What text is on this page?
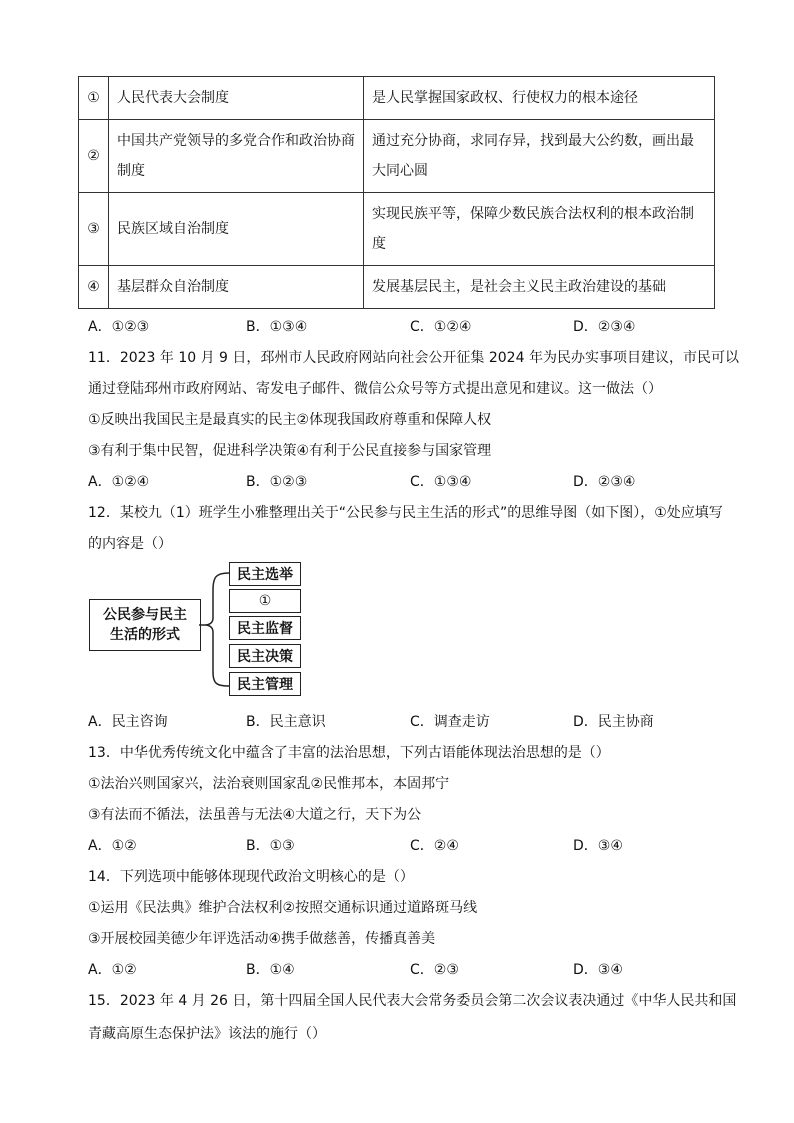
①	人民代表大会制度	是人民掌握国家政权、行使权力的根本途径
②	中国共产党领导的多党合作和政治协商制度	通过充分协商，求同存异，找到最大公约数，画出最大同心圆
③	民族区域自治制度	实现民族平等，保障少数民族合法权利的根本政治制度
④	基层群众自治制度	发展基层民主，是社会主义民主政治建设的基础
A．①②③	B．①③④	C．①②④	D．②③④
11．2023 年 10 月 9 日，邳州市人民政府网站向社会公开征集 2024 年为民办实事项目建议，市民可以
通过登陆邳州市政府网站、寄发电子邮件、微信公众号等方式提出意见和建议。这一做法（）
①反映出我国民主是最真实的民主②体现我国政府尊重和保障人权
③有利于集中民智，促进科学决策④有利于公民直接参与国家管理
A．①②④	B．①②③	C．①③④	D．②③④
12．某校九（1）班学生小雅整理出关于“公民参与民主生活的形式”的思维导图（如下图），①处应填写
的内容是（）
公民参与民主生活的形式
民主选举
①
民主监督
民主决策
民主管理
A．民主咨询	B．民主意识	C．调查走访	D．民主协商
13．中华优秀传统文化中蕴含了丰富的法治思想，下列古语能体现法治思想的是（）
①法治兴则国家兴，法治衰则国家乱②民惟邦本，本固邦宁
③有法而不循法，法虽善与无法④大道之行，天下为公
A．①②	B．①③	C．②④	D．③④
14．下列选项中能够体现现代政治文明核心的是（）
①运用《民法典》维护合法权利②按照交通标识通过道路斑马线
③开展校园美德少年评选活动④携手做慈善，传播真善美
A．①②	B．①④	C．②③	D．③④
15．2023 年 4 月 26 日，第十四届全国人民代表大会常务委员会第二次会议表决通过《中华人民共和国
青藏高原生态保护法》该法的施行（）
